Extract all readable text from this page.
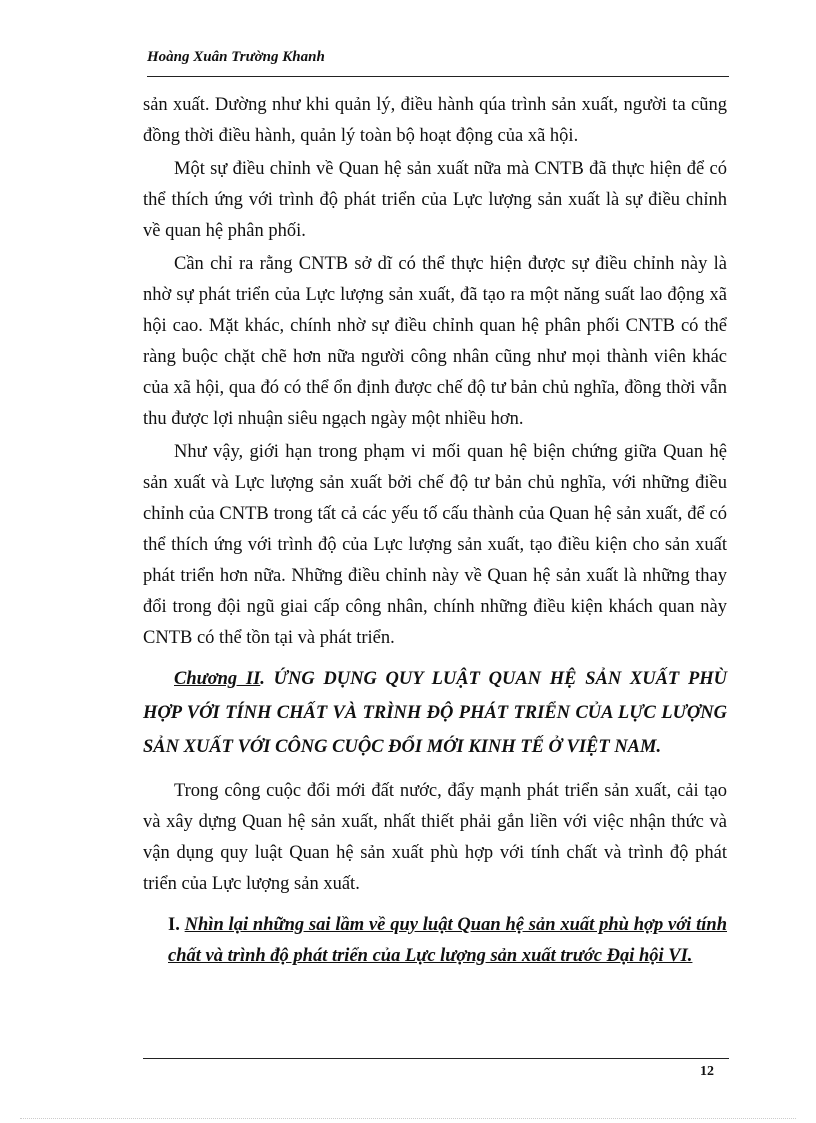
Hoàng Xuân Trường Khanh

sản xuất. Dường như khi quản lý, điều hành qúa trình sản xuất, người ta cũng đồng thời điều hành, quản lý toàn bộ hoạt động của xã hội.

Một sự điều chỉnh về Quan hệ sản xuất nữa mà CNTB đã thực hiện để có thể thích ứng với trình độ phát triển của Lực lượng sản xuất là sự điều chỉnh về quan hệ phân phối.

Cần chỉ ra rằng CNTB sở dĩ có thể thực hiện được sự điều chỉnh này là nhờ sự phát triển của Lực lượng sản xuất, đã tạo ra một năng suất lao động xã hội cao. Mặt khác, chính nhờ sự điều chỉnh quan hệ phân phối CNTB có thể ràng buộc chặt chẽ hơn nữa người công nhân cũng như mọi thành viên khác của xã hội, qua đó có thể ổn định được chế độ tư bản chủ nghĩa, đồng thời vẫn thu được lợi nhuận siêu ngạch ngày một nhiều hơn.

Như vậy, giới hạn trong phạm vi mối quan hệ biện chứng giữa Quan hệ sản xuất và Lực lượng sản xuất bởi chế độ tư bản chủ nghĩa, với những điều chỉnh của CNTB trong tất cả các yếu tố cấu thành của Quan hệ sản xuất, để có thể thích ứng với trình độ của Lực lượng sản xuất, tạo điều kiện cho sản xuất phát triển hơn nữa. Những điều chỉnh này về Quan hệ sản xuất là những thay đổi trong đội ngũ giai cấp công nhân, chính những điều kiện khách quan này CNTB có thể tồn tại và phát triển.

Chương II. ỨNG DỤNG QUY LUẬT QUAN HỆ SẢN XUẤT PHÙ HỢP VỚI TÍNH CHẤT VÀ TRÌNH ĐỘ PHÁT TRIỂN CỦA LỰC LƯỢNG SẢN XUẤT VỚI CÔNG CUỘC ĐỔI MỚI KINH TẾ Ở VIỆT NAM.

Trong công cuộc đổi mới đất nước, đẩy mạnh phát triển sản xuất, cải tạo và xây dựng Quan hệ sản xuất, nhất thiết phải gắn liền với việc nhận thức và vận dụng quy luật Quan hệ sản xuất phù hợp với tính chất và trình độ phát triển của Lực lượng sản xuất.

I. Nhìn lại những sai lầm về quy luật Quan hệ sản xuất phù hợp với tính chất và trình độ phát triển của Lực lượng sản xuất trước Đại hội VI.
12
